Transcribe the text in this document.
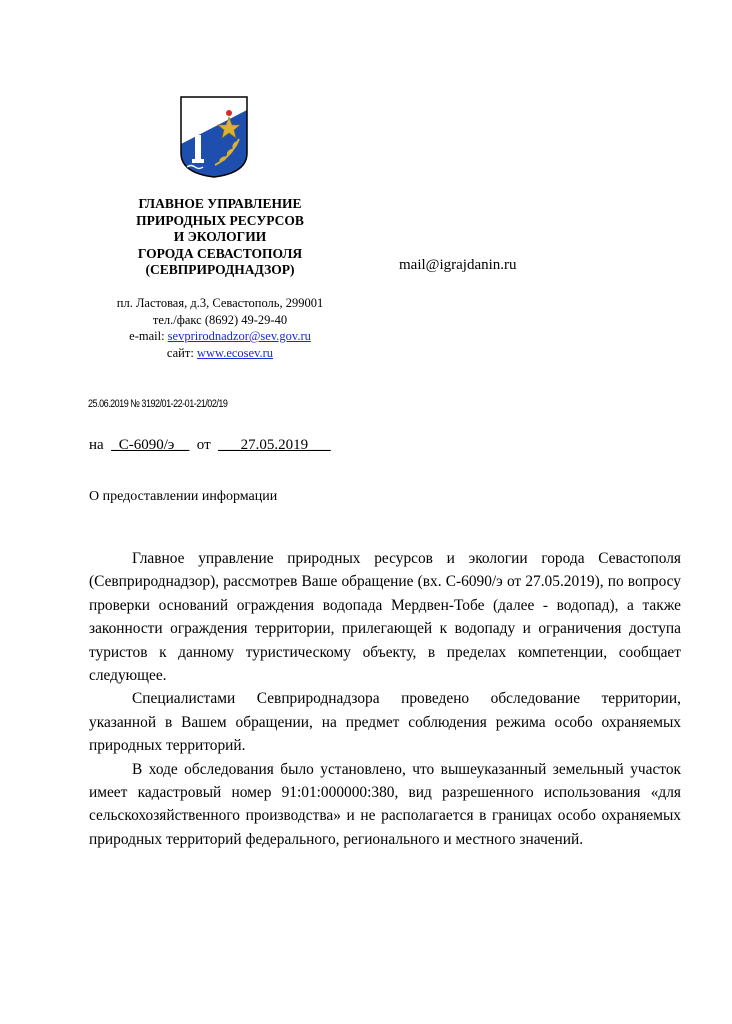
ГЛАВНОЕ УПРАВЛЕНИЕ
ПРИРОДНЫХ РЕСУРСОВ
И ЭКОЛОГИИ
ГОРОДА СЕВАСТОПОЛЯ
(СЕВПРИРОДНАДЗОР)
пл. Ластовая, д.3, Севастополь, 299001
тел./факс (8692) 49-29-40
e-mail: sevprirodnadzor@sev.gov.ru
сайт: www.ecosev.ru
mail@igrajdanin.ru
25.06.2019 № 3192/01-22-01-21/02/19
на _С-6090/э__ от ___27.05.2019___
О предоставлении информации

Главное управление природных ресурсов и экологии города Севастополя (Севприроднадзор), рассмотрев Ваше обращение (вх. С-6090/э от 27.05.2019), по вопросу проверки оснований ограждения водопада Мердвен-Тобе (далее - водопад), а также законности ограждения территории, прилегающей к водопаду и ограничения доступа туристов к данному туристическому объекту, в пределах компетенции, сообщает следующее.

Специалистами Севприроднадзора проведено обследование территории, указанной в Вашем обращении, на предмет соблюдения режима особо охраняемых природных территорий.

В ходе обследования было установлено, что вышеуказанный земельный участок имеет кадастровый номер 91:01:000000:380, вид разрешенного использования «для сельскохозяйственного производства» и не располагается в границах особо охраняемых природных территорий федерального, регионального и местного значений.
